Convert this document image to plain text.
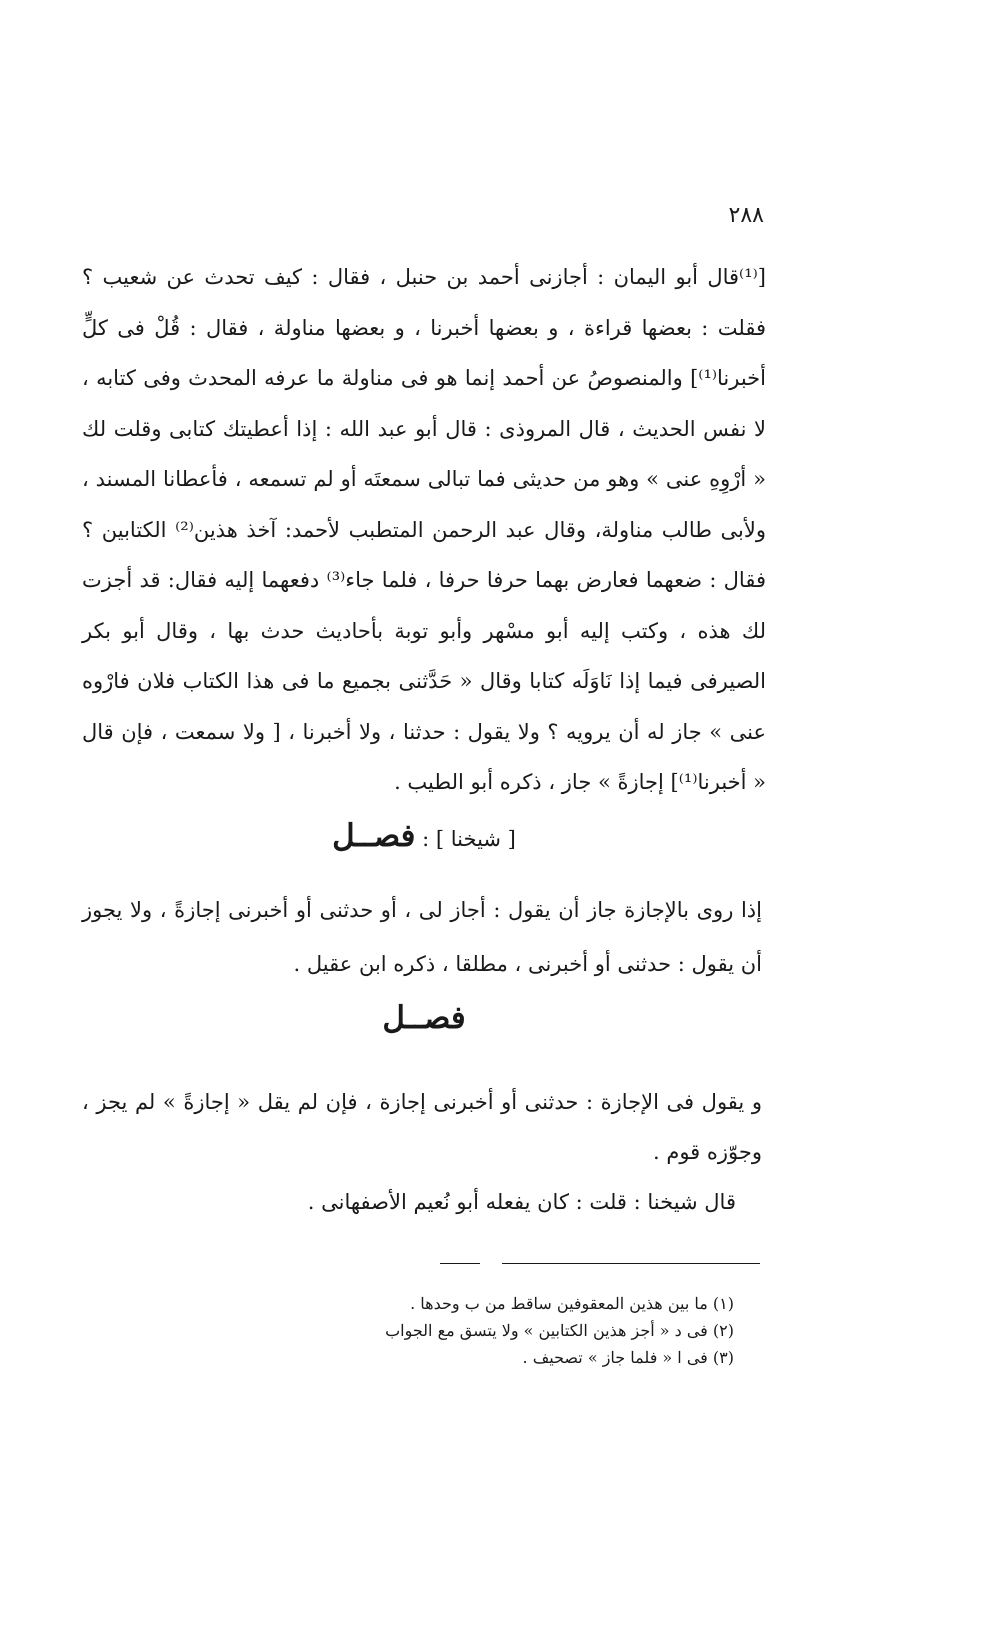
٢٨٨
[⁽¹⁾قال أبو اليمان : أجازنى أحمد بن حنبل ، فقال : كيف تحدث عن شعيب ؟ فقلت : بعضها قراءة ، و بعضها أخبرنا ، و بعضها مناولة ، فقال : قُلْ فى كلٍّ أخبرنا⁽¹⁾] والمنصوصُ عن أحمد إنما هو فى مناولة ما عرفه المحدث وفى كتابه ، لا نفس الحديث ، قال المروذى : قال أبو عبد الله : إذا أعطيتك كتابى وقلت لك « أرْوِهِ عنى » وهو من حديثى فما تبالى سمعتَه أو لم تسمعه ، فأعطانا المسند ، ولأبى طالب مناولة، وقال عبد الرحمن المتطبب لأحمد: آخذ هذين⁽²⁾ الكتابين ؟ فقال : ضعهما فعارض بهما حرفا حرفا ، فلما جاء⁽³⁾ دفعهما إليه فقال: قد أجزت لك هذه ، وكتب إليه أبو مسْهر وأبو توبة بأحاديث حدث بها ، وقال أبو بكر الصيرفى فيما إذا نَاوَلَه كتابا وقال « حَدَّثنى بجميع ما فى هذا الكتاب فلان فارْوه عنى » جاز له أن يرويه ؟ ولا يقول : حدثنا ، ولا أخبرنا ، [ ولا سمعت ، فإن قال « أخبرنا⁽¹⁾] إجازةً » جاز ، ذكره أبو الطيب .
[ شيخنا ] : فصــل
إذا روى بالإجازة جاز أن يقول : أجاز لى ، أو حدثنى أو أخبرنى إجازةً ، ولا يجوز أن يقول : حدثنى أو أخبرنى ، مطلقا ، ذكره ابن عقيل .
فصــل
و يقول فى الإجازة : حدثنى أو أخبرنى إجازة ، فإن لم يقل « إجازةً » لم يجز ، وجوّزه قوم .
قال شيخنا : قلت : كان يفعله أبو نُعيم الأصفهانى .
(١) ما بين هذين المعقوفين ساقط من ب وحدها .
(٢) فى د « أجز هذين الكتابين » ولا يتسق مع الجواب
(٣) فى ا « فلما جاز » تصحيف .
